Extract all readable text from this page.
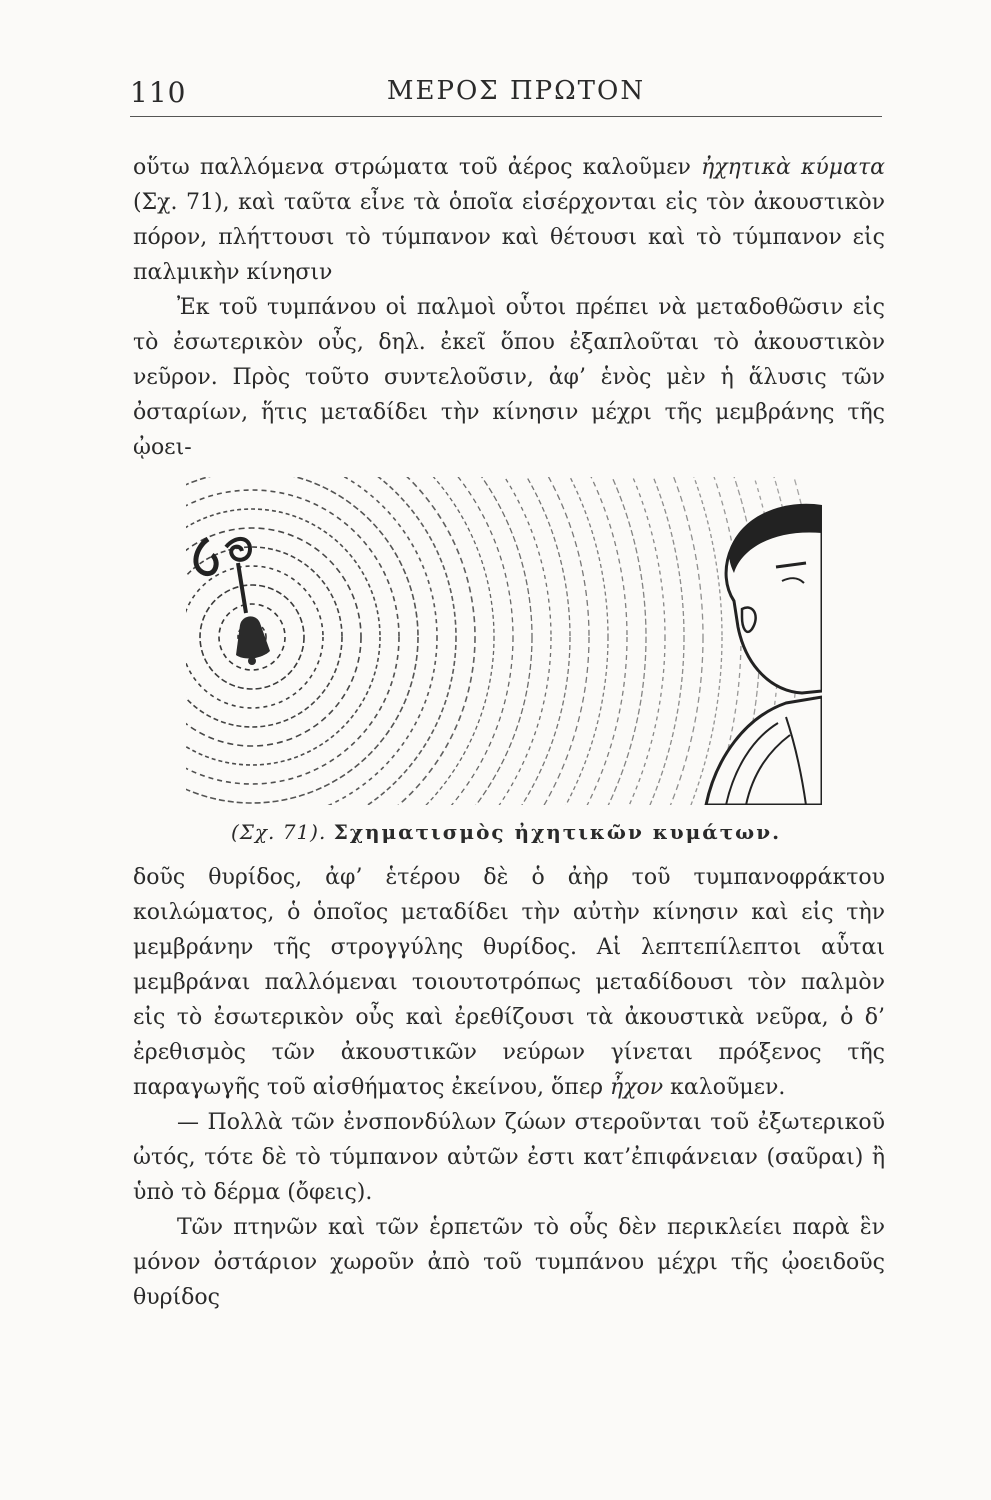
110	ΜΕΡΟΣ ΠΡΩΤΟΝ

οὕτω παλλόμενα στρώματα τοῦ ἀέρος καλοῦμεν ἠχητικὰ κύματα (Σχ. 71), καὶ ταῦτα εἶνε τὰ ὁποῖα εἰσέρχονται εἰς τὸν ἀκουστικὸν πόρον, πλήττουσι τὸ τύμπανον καὶ θέτουσι καὶ τὸ τύμπανον εἰς παλμικὴν κίνησιν

Ἐκ τοῦ τυμπάνου οἱ παλμοὶ οὗτοι πρέπει νὰ μεταδοθῶσιν εἰς τὸ ἐσωτερικὸν οὖς, δηλ. ἐκεῖ ὅπου ἐξαπλοῦται τὸ ἀκουστικὸν νεῦρον. Πρὸς τοῦτο συντελοῦσιν, ἀφ’ ἑνὸς μὲν ἡ ἅλυσις τῶν ὀσταρίων, ἥτις μεταδίδει τὴν κίνησιν μέχρι τῆς μεμβράνης τῆς ᾠοει-

(Σχ. 71). Σχηματισμὸς ἠχητικῶν κυμάτων.

δοῦς θυρίδος, ἀφ’ ἑτέρου δὲ ὁ ἀὴρ τοῦ τυμπανοφράκτου κοιλώματος, ὁ ὁποῖος μεταδίδει τὴν αὐτὴν κίνησιν καὶ εἰς τὴν μεμβράνην τῆς στρογγύλης θυρίδος. Αἱ λεπτεπίλεπτοι αὗται μεμβράναι παλλόμεναι τοιουτοτρόπως μεταδίδουσι τὸν παλμὸν εἰς τὸ ἐσωτερικὸν οὖς καὶ ἐρεθίζουσι τὰ ἀκουστικὰ νεῦρα, ὁ δ’ ἐρεθισμὸς τῶν ἀκουστικῶν νεύρων γίνεται πρόξενος τῆς παραγωγῆς τοῦ αἰσθήματος ἐκείνου, ὅπερ ἦχον καλοῦμεν.

— Πολλὰ τῶν ἐνσπονδύλων ζώων στεροῦνται τοῦ ἐξωτερικοῦ ὠτός, τότε δὲ τὸ τύμπανον αὐτῶν ἐστι κατ’ἐπιφάνειαν (σαῦραι) ἢ ὑπὸ τὸ δέρμα (ὄφεις).

Τῶν πτηνῶν καὶ τῶν ἑρπετῶν τὸ οὖς δὲν περικλείει παρὰ ἓν μόνον ὀστάριον χωροῦν ἀπὸ τοῦ τυμπάνου μέχρι τῆς ᾠοειδοῦς θυρίδος
